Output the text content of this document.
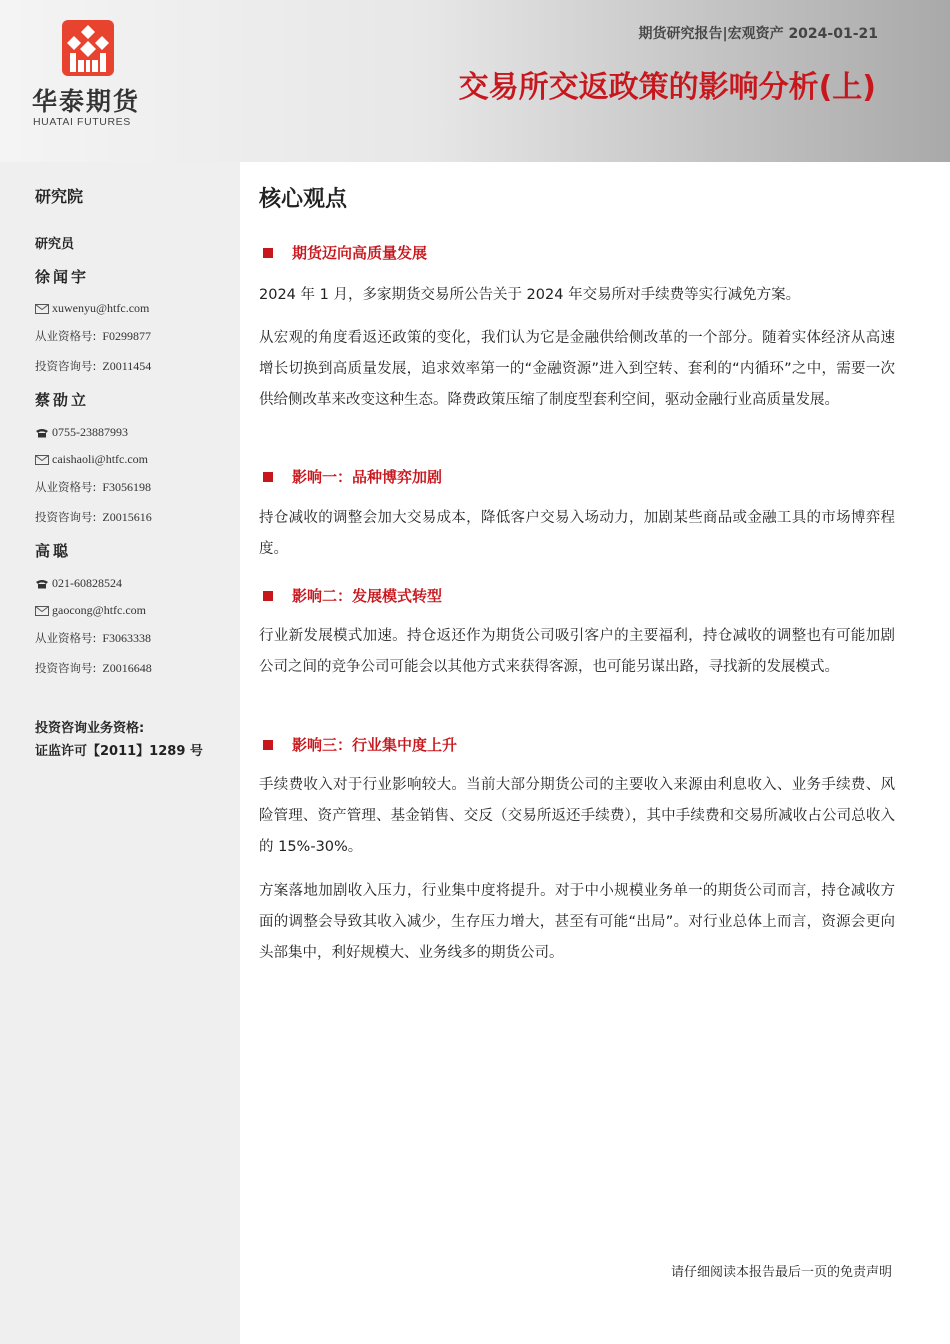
华泰期货
HUATAI FUTURES
期货研究报告|宏观资产 2024-01-21
交易所交返政策的影响分析(上)
研究院
研究员
徐闻宇
xuwenyu@htfc.com
从业资格号: F0299877
投资咨询号: Z0011454
蔡劭立
0755-23887993
caishaoli@htfc.com
从业资格号: F3056198
投资咨询号: Z0015616
高聪
021-60828524
gaocong@htfc.com
从业资格号: F3063338
投资咨询号: Z0016648
投资咨询业务资格:
证监许可【2011】1289 号
核心观点
期货迈向高质量发展
2024 年 1 月，多家期货交易所公告关于 2024 年交易所对手续费等实行减免方案。
从宏观的角度看返还政策的变化，我们认为它是金融供给侧改革的一个部分。随着实体经济从高速增长切换到高质量发展，追求效率第一的“金融资源”进入到空转、套利的“内循环”之中，需要一次供给侧改革来改变这种生态。降费政策压缩了制度型套利空间，驱动金融行业高质量发展。
影响一：品种博弈加剧
持仓减收的调整会加大交易成本，降低客户交易入场动力，加剧某些商品或金融工具的市场博弈程度。
影响二：发展模式转型
行业新发展模式加速。持仓返还作为期货公司吸引客户的主要福利，持仓减收的调整也有可能加剧公司之间的竞争公司可能会以其他方式来获得客源，也可能另谋出路，寻找新的发展模式。
影响三：行业集中度上升
手续费收入对于行业影响较大。当前大部分期货公司的主要收入来源由利息收入、业务手续费、风险管理、资产管理、基金销售、交反（交易所返还手续费），其中手续费和交易所减收占公司总收入的 15%-30%。
方案落地加剧收入压力，行业集中度将提升。对于中小规模业务单一的期货公司而言，持仓减收方面的调整会导致其收入减少，生存压力增大，甚至有可能“出局”。对行业总体上而言，资源会更向头部集中，利好规模大、业务线多的期货公司。
请仔细阅读本报告最后一页的免责声明
